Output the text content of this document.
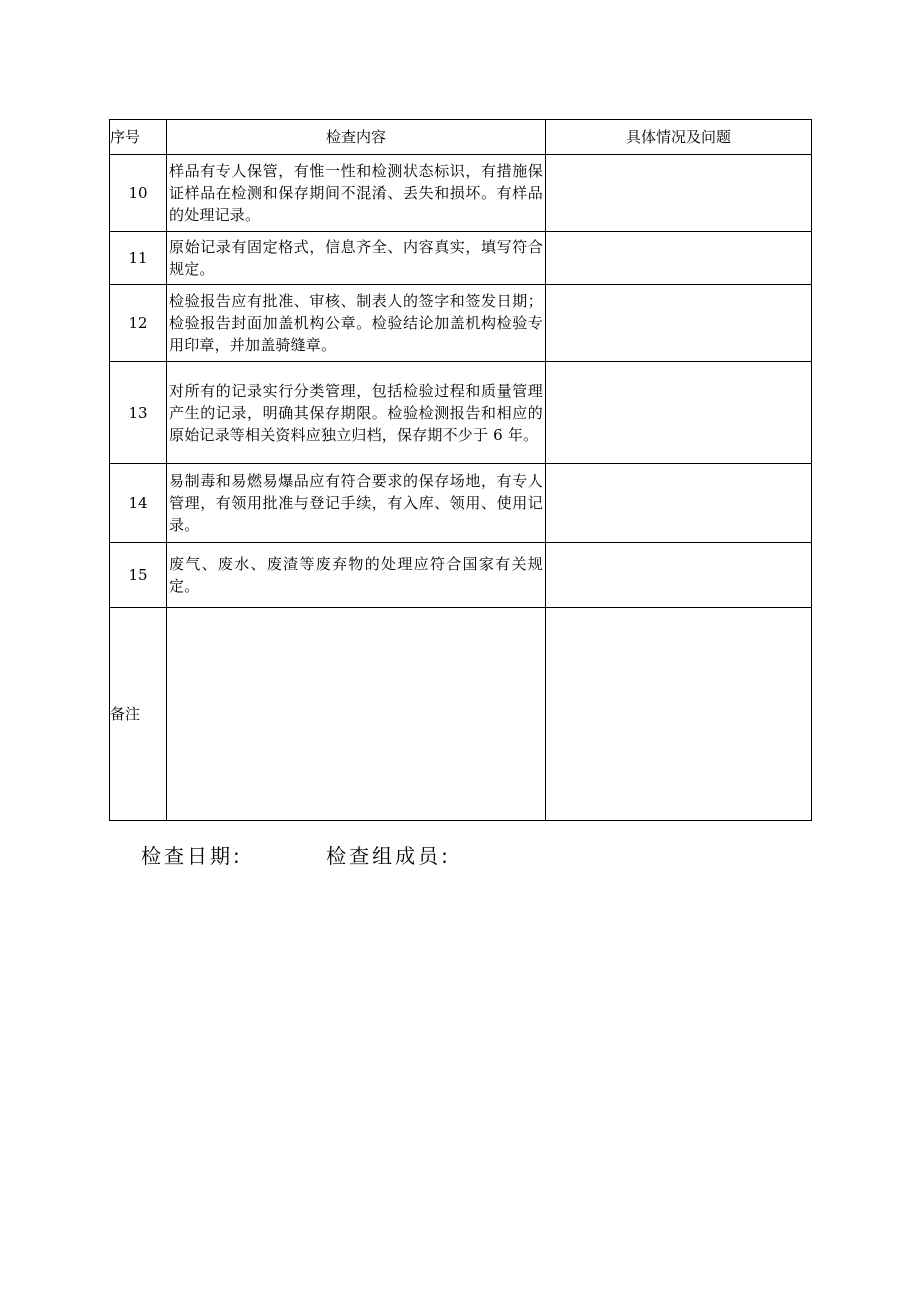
序号	检查内容	具体情况及问题
10	样品有专人保管，有惟一性和检测状态标识，有措施保证样品在检测和保存期间不混淆、丢失和损坏。有样品的处理记录。	

11	原始记录有固定格式，信息齐全、内容真实，填写符合规定。	

12	检验报告应有批准、审核、制表人的签字和签发日期；检验报告封面加盖机构公章。检验结论加盖机构检验专用印章，并加盖骑缝章。	

13	对所有的记录实行分类管理，包括检验过程和质量管理产生的记录，明确其保存期限。检验检测报告和相应的原始记录等相关资料应独立归档，保存期不少于 6 年。	

14	易制毒和易燃易爆品应有符合要求的保存场地，有专人管理，有领用批准与登记手续，有入库、领用、使用记录。	

15	废气、废水、废渣等废弃物的处理应符合国家有关规定。	

备注		
检查日期:	检查组成员:
